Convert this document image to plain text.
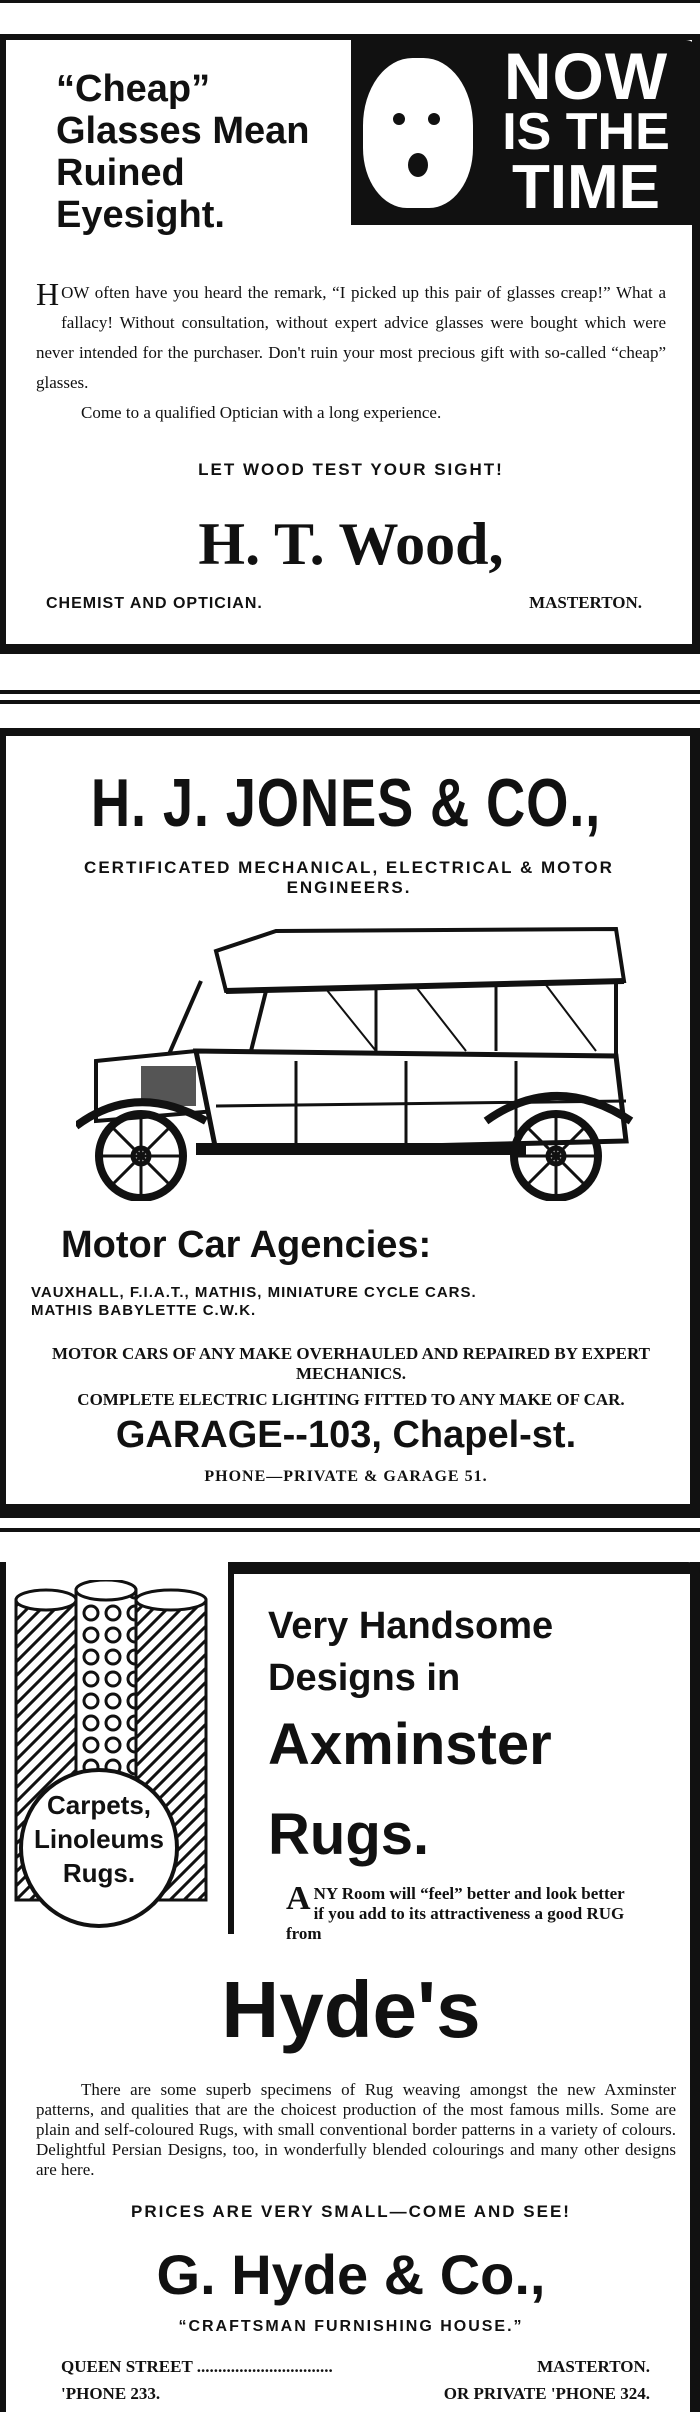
“Cheap”
Glasses Mean
Ruined
Eyesight.
NOW
IS THE
TIME

HOW often have you heard the remark, “I picked up this pair of glasses creap!” What a fallacy! Without consultation, without expert advice glasses were bought which were never intended for the purchaser. Don't ruin your most precious gift with so-called “cheap” glasses.

Come to a qualified Optician with a long experience.

LET WOOD TEST YOUR SIGHT!
H. T. Wood,
CHEMIST AND OPTICIAN.	MASTERTON.
H. J. JONES & CO.,
CERTIFICATED MECHANICAL, ELECTRICAL & MOTOR ENGINEERS.
Motor Car Agencies:
VAUXHALL, F.I.A.T., MATHIS, MINIATURE CYCLE CARS.
MATHIS BABYLETTE C.W.K.
MOTOR CARS OF ANY MAKE OVERHAULED AND REPAIRED BY EXPERT MECHANICS.
COMPLETE ELECTRIC LIGHTING FITTED TO ANY MAKE OF CAR.
GARAGE--103, Chapel-st.
PHONE—PRIVATE & GARAGE 51.
Carpets,
Linoleums
Rugs.
Very Handsome
Designs in
Axminster
Rugs.
ANY Room will “feel” better and look better if you add to its attractiveness a good RUG from
Hyde's
There are some superb specimens of Rug weaving amongst the new Axminster patterns, and qualities that are the choicest production of the most famous mills. Some are plain and self-coloured Rugs, with small conventional border patterns in a variety of colours. Delightful Persian Designs, too, in wonderfully blended colourings and many other designs are here.
PRICES ARE VERY SMALL—COME AND SEE!
G. Hyde & Co.,
“CRAFTSMAN FURNISHING HOUSE.”
QUEEN STREET ................................	MASTERTON.
'PHONE 233.	OR PRIVATE 'PHONE 324.
